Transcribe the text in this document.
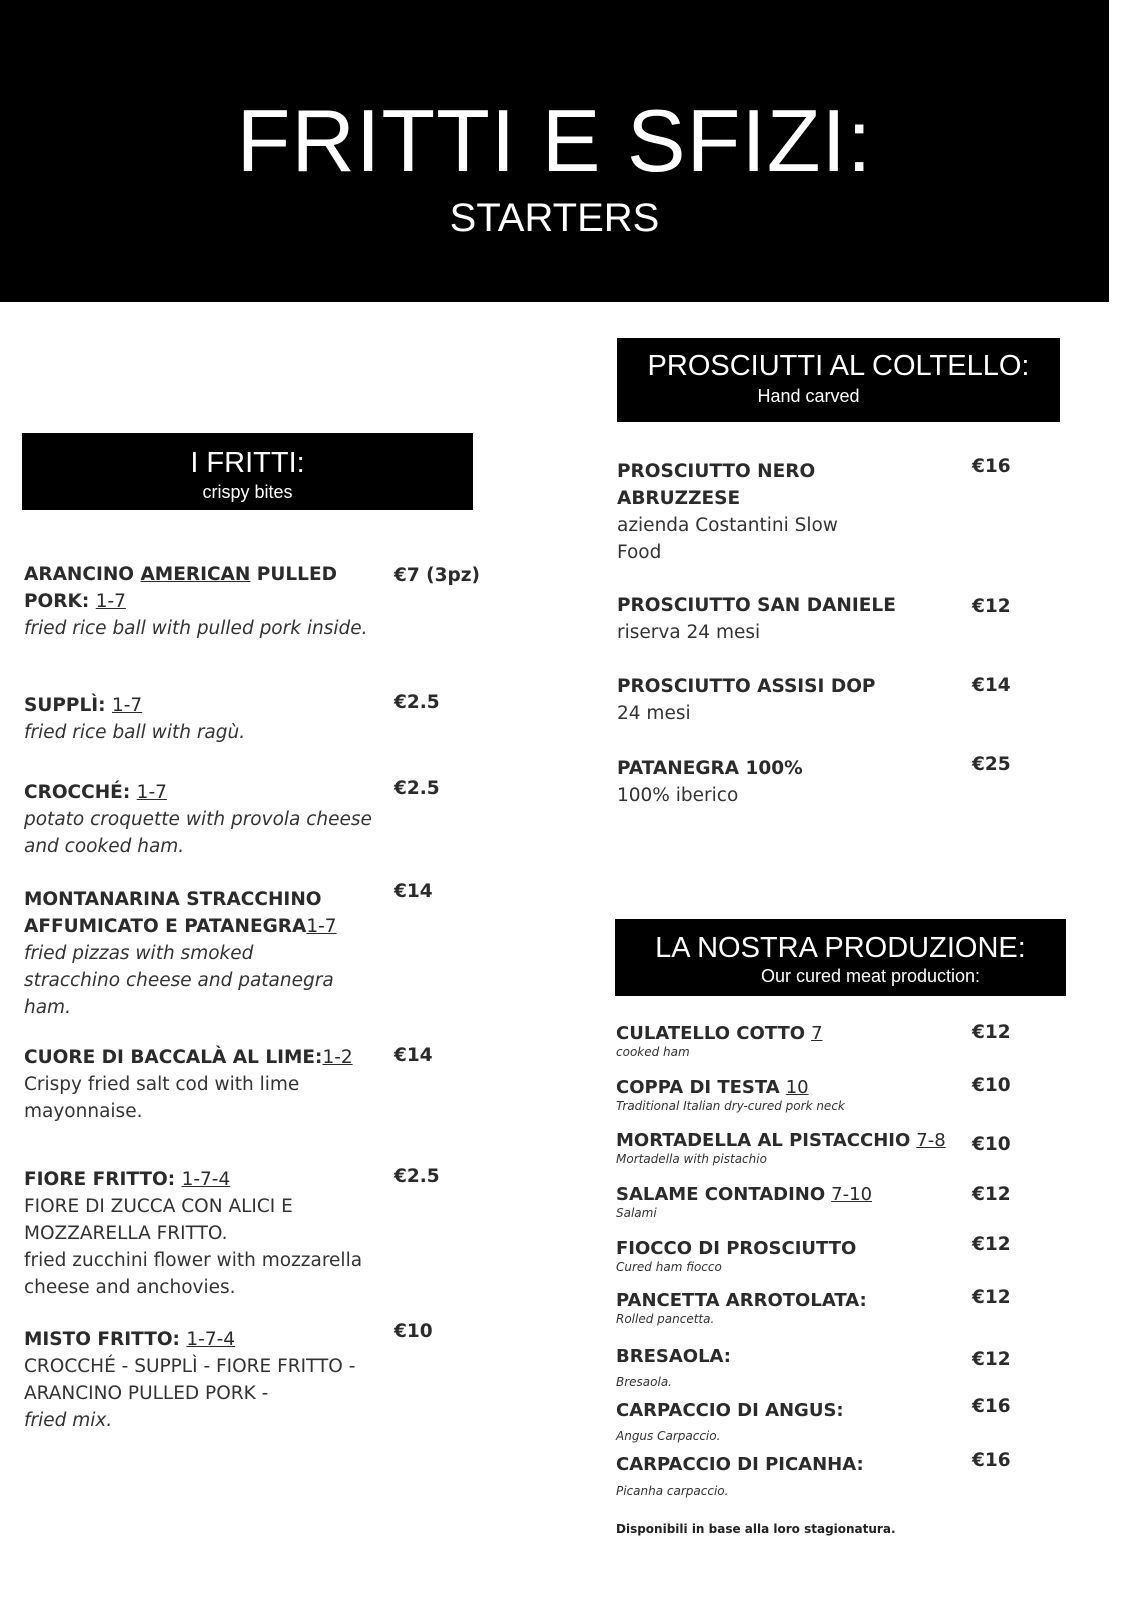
FRITTI E SFIZI:
STARTERS
I FRITTI:
crispy bites
ARANCINO AMERICAN PULLED PORK: 1-7
fried rice ball with pulled pork inside.
€7 (3pz)
SUPPLÌ: 1-7
fried rice ball with ragù.
€2.5
CROCCHÉ: 1-7
potato croquette with provola cheese and cooked ham.
€2.5
MONTANARINA STRACCHINO AFFUMICATO E PATANEGRA1-7
fried pizzas with smoked stracchino cheese and patanegra ham.
€14
CUORE DI BACCALÀ AL LIME:1-2
Crispy fried salt cod with lime mayonnaise.
€14
FIORE FRITTO: 1-7-4
FIORE DI ZUCCA CON ALICI E MOZZARELLA FRITTO.
fried zucchini flower with mozzarella cheese and anchovies.
€2.5
MISTO FRITTO: 1-7-4
CROCCHÉ - SUPPLÌ - FIORE FRITTO - ARANCINO PULLED PORK -
fried mix.
€10
PROSCIUTTI AL COLTELLO:
Hand carved
PROSCIUTTO NERO ABRUZZESE
azienda Costantini Slow Food
€16
PROSCIUTTO SAN DANIELE
riserva 24 mesi
€12
PROSCIUTTO ASSISI DOP
24 mesi
€14
PATANEGRA 100%
100% iberico
€25
LA NOSTRA PRODUZIONE:
Our cured meat production:
CULATELLO COTTO 7
cooked ham
€12
COPPA DI TESTA 10
Traditional Italian dry-cured pork neck
€10
MORTADELLA AL PISTACCHIO 7-8
Mortadella with pistachio
€10
SALAME CONTADINO 7-10
Salami
€12
FIOCCO DI PROSCIUTTO
Cured ham fiocco
€12
PANCETTA ARROTOLATA:
Rolled pancetta.
€12
BRESAOLA:
Bresaola.
€12
CARPACCIO DI ANGUS:
Angus Carpaccio.
€16
CARPACCIO DI PICANHA:
Picanha carpaccio.
€16
Disponibili in base alla loro stagionatura.
